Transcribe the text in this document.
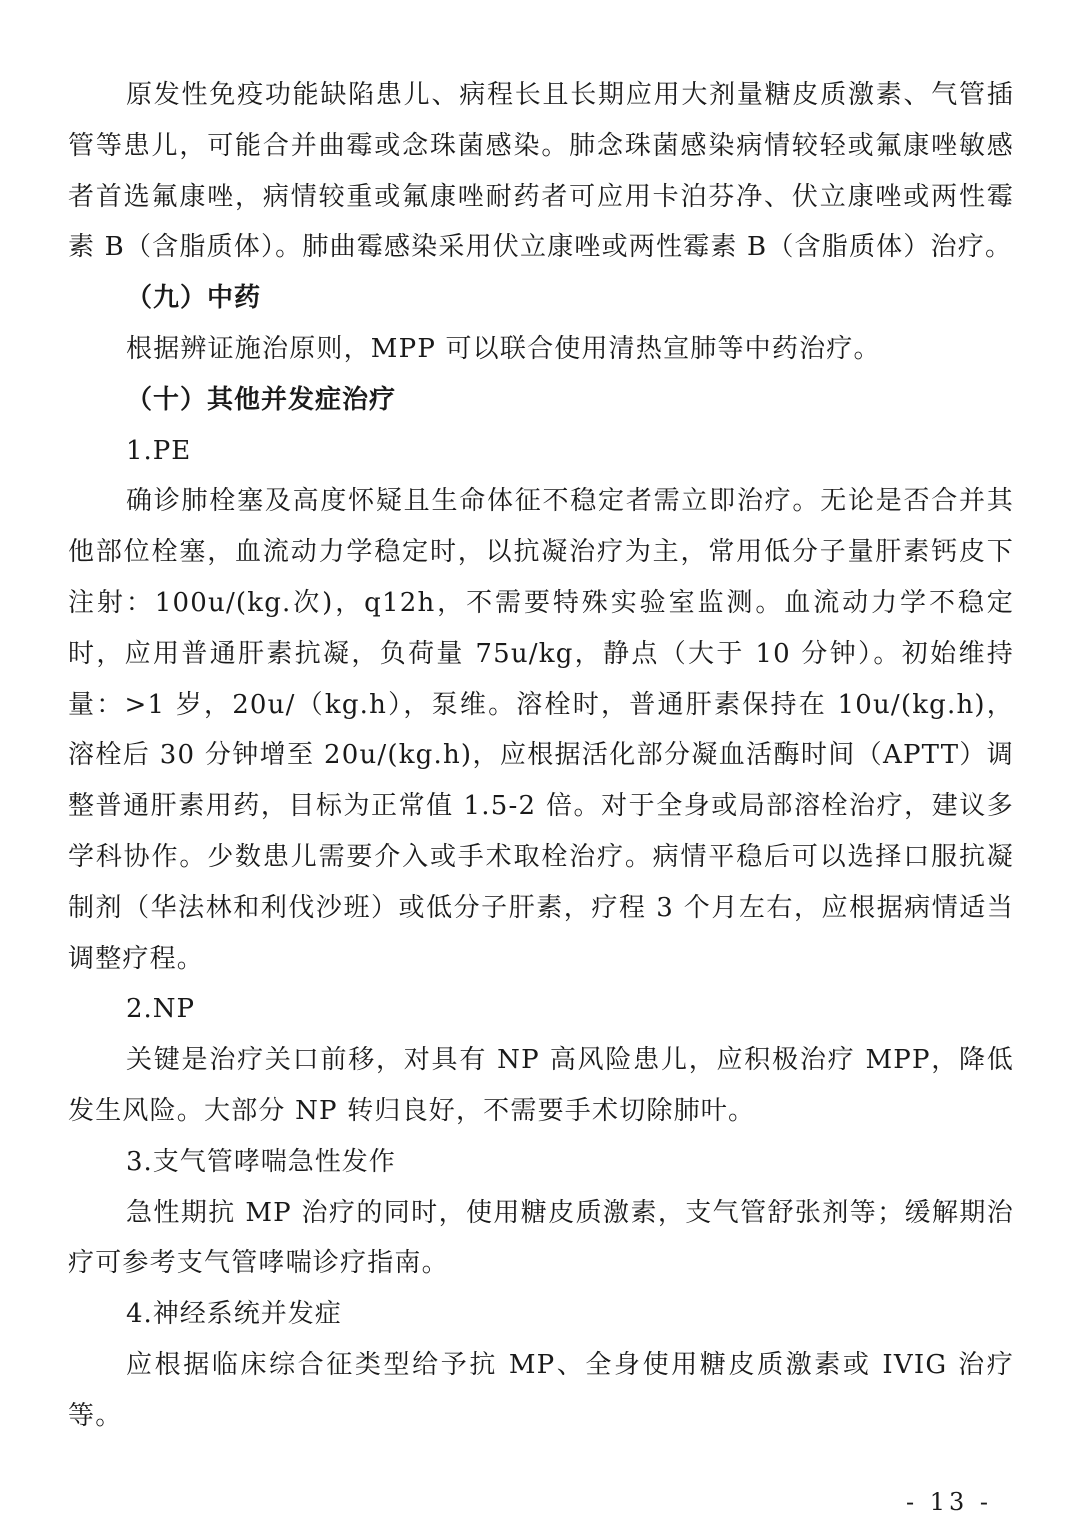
原发性免疫功能缺陷患儿、病程长且长期应用大剂量糖皮质激素、气管插管等患儿，可能合并曲霉或念珠菌感染。肺念珠菌感染病情较轻或氟康唑敏感者首选氟康唑，病情较重或氟康唑耐药者可应用卡泊芬净、伏立康唑或两性霉素 B（含脂质体）。肺曲霉感染采用伏立康唑或两性霉素 B（含脂质体）治疗。

（九）中药

根据辨证施治原则，MPP 可以联合使用清热宣肺等中药治疗。

（十）其他并发症治疗

1.PE

确诊肺栓塞及高度怀疑且生命体征不稳定者需立即治疗。无论是否合并其他部位栓塞，血流动力学稳定时，以抗凝治疗为主，常用低分子量肝素钙皮下注射：100u/(kg.次)，q12h，不需要特殊实验室监测。血流动力学不稳定时，应用普通肝素抗凝，负荷量 75u/kg，静点（大于 10 分钟）。初始维持量：>1 岁，20u/（kg.h），泵维。溶栓时，普通肝素保持在 10u/(kg.h)，溶栓后 30 分钟增至 20u/(kg.h)，应根据活化部分凝血活酶时间（APTT）调整普通肝素用药，目标为正常值 1.5-2 倍。对于全身或局部溶栓治疗，建议多学科协作。少数患儿需要介入或手术取栓治疗。病情平稳后可以选择口服抗凝制剂（华法林和利伐沙班）或低分子肝素，疗程 3 个月左右，应根据病情适当调整疗程。

2.NP

关键是治疗关口前移，对具有 NP 高风险患儿，应积极治疗 MPP，降低发生风险。大部分 NP 转归良好，不需要手术切除肺叶。

3.支气管哮喘急性发作

急性期抗 MP 治疗的同时，使用糖皮质激素，支气管舒张剂等；缓解期治疗可参考支气管哮喘诊疗指南。

4.神经系统并发症

应根据临床综合征类型给予抗 MP、全身使用糖皮质激素或 IVIG 治疗等。

- 13 -
